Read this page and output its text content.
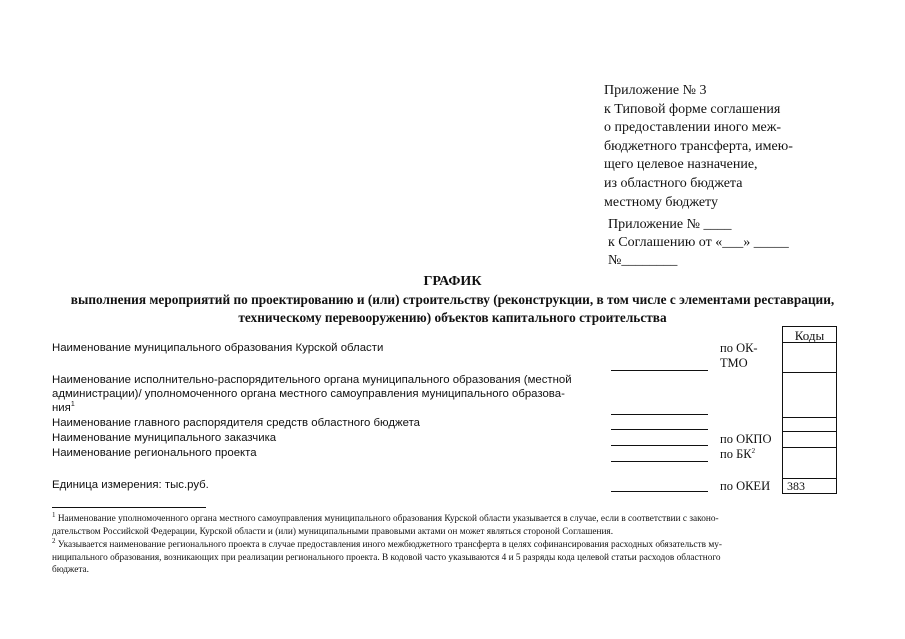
Приложение № 3
к Типовой форме соглашения
о предоставлении иного меж-
бюджетного трансферта, имею-
щего целевое назначение,
из областного бюджета
местному бюджету
Приложение № ____
к Соглашению от «___» _____
№________
ГРАФИК
выполнения мероприятий по проектированию и (или) строительству (реконструкции, в том числе с элементами реставрации, техническому перевооружению) объектов капитального строительства
Коды
383
Наименование муниципального образования Курской области
Наименование исполнительно-распорядительного органа муниципального образования (местной
администрации)/ уполномоченного органа местного самоуправления муниципального образова-
ния$^1$
Наименование главного распорядителя средств областного бюджета
Наименование муниципального заказчика
Наименование регионального проекта
Единица измерения: тыс.руб.
по ОК-
ТМО
по ОКПО
по $БК^2$
по ОКЕИ
$^1$ Наименование уполномоченного органа местного самоуправления муниципального образования Курской области указывается в случае, если в соответствии с законо-
дательством Российской Федерации, Курской области и (или) муниципальными правовыми актами он может являться стороной Соглашения.
$^2$ Указывается наименование регионального проекта в случае предоставления иного межбюджетного трансферта в целях софинансирования расходных обязательств му-
ниципального образования, возникающих при реализации регионального проекта. В кодовой часто указываются 4 и 5 разряды кода целевой статьи расходов областного
бюджета.
